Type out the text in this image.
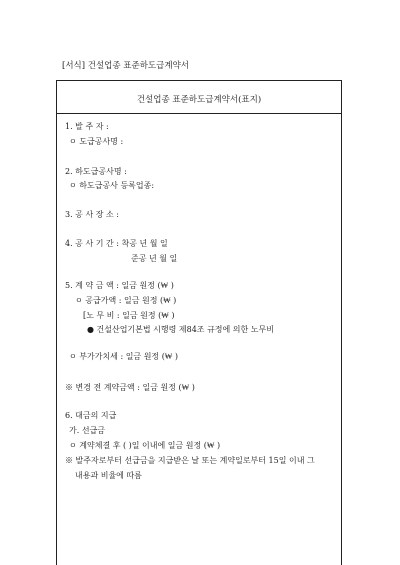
[서식] 건설업종 표준하도급계약서
건설업종 표준하도급계약서(표지)
1. 발 주 자 :
ㅇ 도급공사명 :
2. 하도급공사명 :
ㅇ 하도급공사 등록업종:
3. 공 사 장 소 :
4. 공 사 기 간 : 착공 년 월 일
준공 년 월 일
5. 계 약 금 액 : 일금 원정 (₩ )
ㅇ 공급가액 : 일금 원정 (₩ )
[노 무 비 : 일금 원정 (₩ )
● 건설산업기본법 시행령 제84조 규정에 의한 노무비
ㅇ 부가가치세 : 일금 원정 (₩ )
※ 변경 전 계약금액 : 일금 원정 (₩ )
6. 대금의 지급
가. 선급금
ㅇ 계약체결 후 ( )일 이내에 일금 원정 (₩ )
※ 발주자로부터 선급금을 지급받은 날 또는 계약일로부터 15일 이내 그
내용과 비율에 따름
